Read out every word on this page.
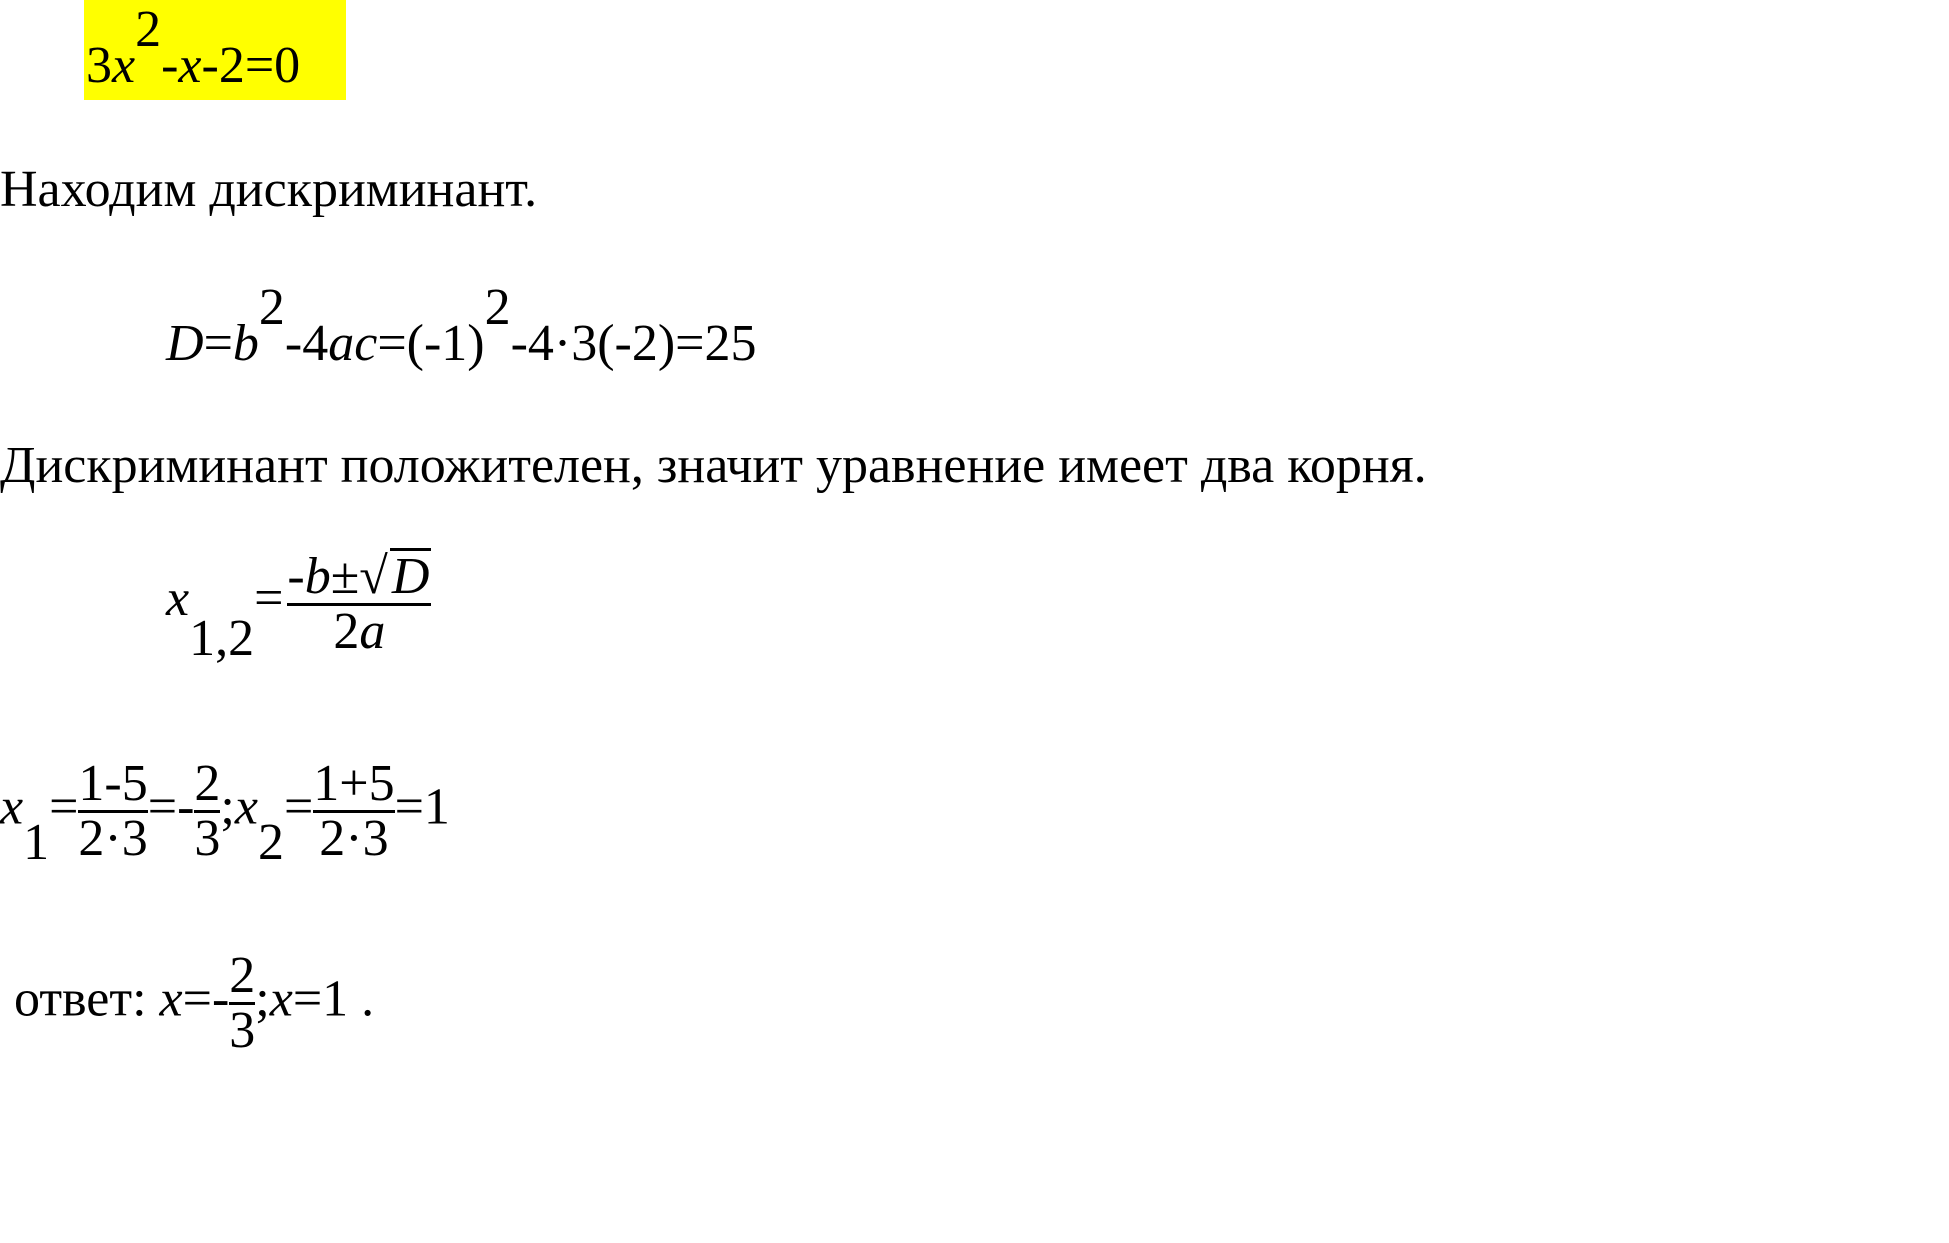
3x2-x-2=0
Находим дискриминант.
D=b2-4ac=(-1)2-4·3(-2)=25
Дискриминант положителен, значит уравнение имеет два корня.
$x1,2= \frac{-b\pm√D}{2a}$
$x1= \frac{1-5}{2\cdot 3} =- \frac{2}{3}$ ;x2= $\frac{1+5}{2\cdot 3} =1$
ответ: $x=- \frac{2}{3}$ ;x=1 .
